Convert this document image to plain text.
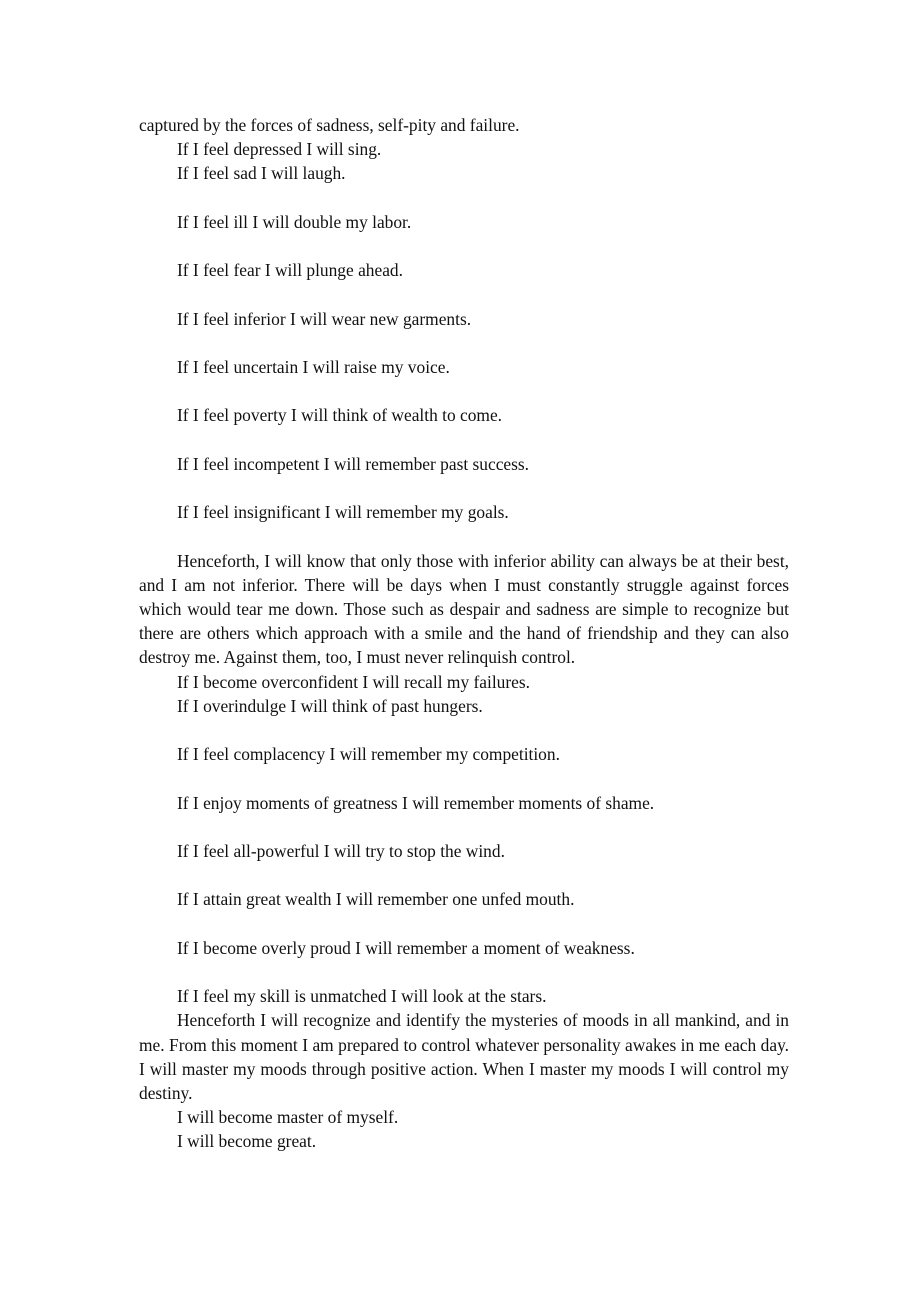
captured by the forces of sadness, self-pity and failure.
If I feel depressed I will sing.
If I feel sad I will laugh.
If I feel ill I will double my labor.
If I feel fear I will plunge ahead.
If I feel inferior I will wear new garments.
If I feel uncertain I will raise my voice.
If I feel poverty I will think of wealth to come.
If I feel incompetent I will remember past success.
If I feel insignificant I will remember my goals.

Henceforth, I will know that only those with inferior ability can always be at their best, and I am not inferior. There will be days when I must constantly struggle against forces which would tear me down. Those such as despair and sadness are simple to recognize but there are others which approach with a smile and the hand of friendship and they can also destroy me. Against them, too, I must never relinquish control.

If I become overconfident I will recall my failures.
If I overindulge I will think of past hungers.
If I feel complacency I will remember my competition.
If I enjoy moments of greatness I will remember moments of shame.
If I feel all-powerful I will try to stop the wind.
If I attain great wealth I will remember one unfed mouth.
If I become overly proud I will remember a moment of weakness.
If I feel my skill is unmatched I will look at the stars.

Henceforth I will recognize and identify the mysteries of moods in all mankind, and in me. From this moment I am prepared to control whatever personality awakes in me each day. I will master my moods through positive action. When I master my moods I will control my destiny.

I will become master of myself.
I will become great.
